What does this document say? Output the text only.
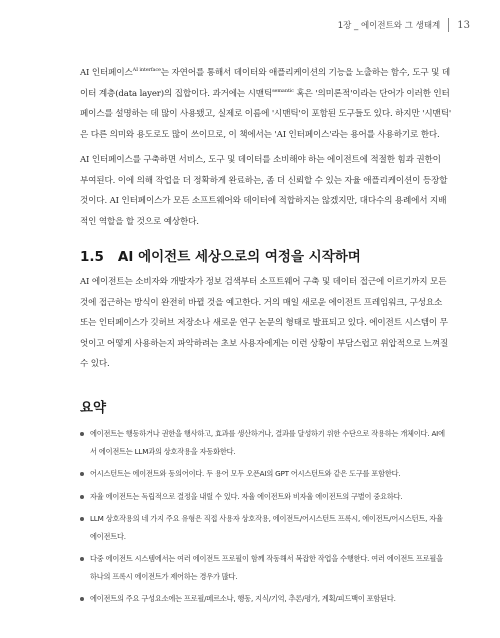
1장 _ 에이전트와 그 생태계 13

AI 인터페이스$^{AI interface}$는 자연어를 통해서 데이터와 애플리케이션의 기능을 노출하는 함수, 도구 및 데
이터 계층(data layer)의 집합이다. 과거에는 시맨틱$^{semantic}$ 혹은 '의미론적'이라는 단어가 이러한 인터
페이스를 설명하는 데 많이 사용됐고, 실제로 이름에 '시맨틱'이 포함된 도구들도 있다. 하지만 '시맨틱'
은 다른 의미와 용도로도 많이 쓰이므로, 이 책에서는 'AI 인터페이스'라는 용어를 사용하기로 한다.

AI 인터페이스를 구축하면 서비스, 도구 및 데이터를 소비해야 하는 에이전트에 적절한 힘과 권한이
부여된다. 이에 의해 작업을 더 정확하게 완료하는, 좀 더 신뢰할 수 있는 자율 애플리케이션이 등장할
것이다. AI 인터페이스가 모든 소프트웨어와 데이터에 적합하지는 않겠지만, 대다수의 용례에서 지배
적인 역할을 할 것으로 예상한다.

1.5 AI 에이전트 세상으로의 여정을 시작하며

AI 에이전트는 소비자와 개발자가 정보 검색부터 소프트웨어 구축 및 데이터 접근에 이르기까지 모든
것에 접근하는 방식이 완전히 바뀔 것을 예고한다. 거의 매일 새로운 에이전트 프레임워크, 구성요소
또는 인터페이스가 깃허브 저장소나 새로운 연구 논문의 형태로 발표되고 있다. 에이전트 시스템이 무
엇이고 어떻게 사용하는지 파악하려는 초보 사용자에게는 이런 상황이 부담스럽고 위압적으로 느껴질
수 있다.

요약
에이전트는 행동하거나 권한을 행사하고, 효과를 생산하거나, 결과를 달성하기 위한 수단으로 작용하는 개체이다. AI에
서 에이전트는 LLM과의 상호작용을 자동화한다.
어시스턴트는 에이전트와 동의어이다. 두 용어 모두 오픈AI의 GPT 어시스턴트와 같은 도구를 포함한다.
자율 에이전트는 독립적으로 결정을 내릴 수 있다. 자율 에이전트와 비자율 에이전트의 구별이 중요하다.
LLM 상호작용의 네 가지 주요 유형은 직접 사용자 상호작용, 에이전트/어시스턴트 프록시, 에이전트/어시스턴트, 자율
에이전트다.
다중 에이전트 시스템에서는 여러 에이전트 프로필이 함께 작동해서 복잡한 작업을 수행한다. 여러 에이전트 프로필을
하나의 프록시 에이전트가 제어하는 경우가 많다.
에이전트의 주요 구성요소에는 프로필/페르소나, 행동, 지식/기억, 추론/평가, 계획/피드백이 포함된다.
